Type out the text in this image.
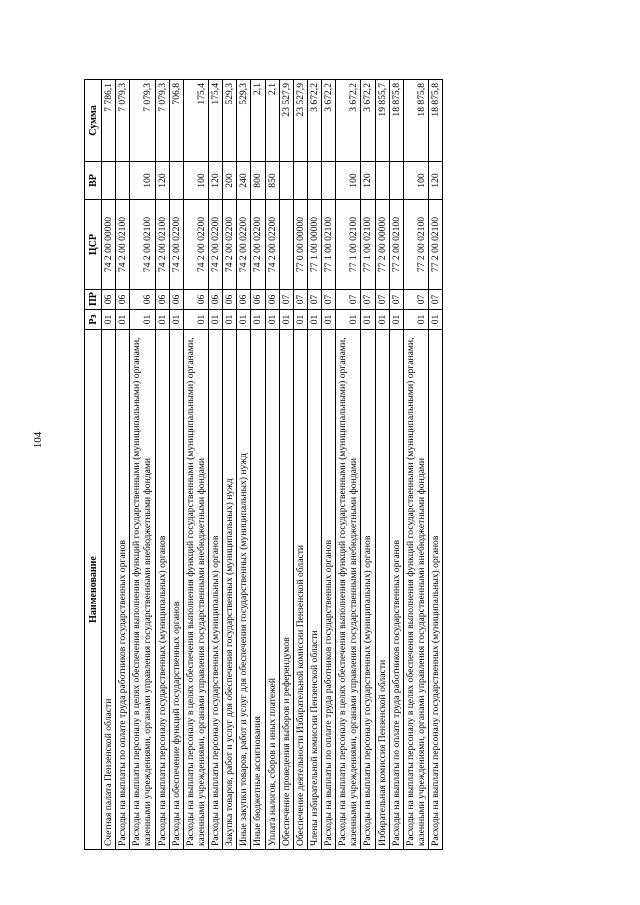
104
Наименование	Рз	ПР	ЦСР	ВР	Сумма
Счетная палата Пензенской области	01	06	74 2 00 00000		7 786,1
Расходы на выплаты по оплате труда работников государственных органов	01	06	74 2 00 02100		7 079,3
Расходы на выплаты персоналу в целях обеспечения выполнения функций государственными (муниципальными) органами, казенными учреждениями, органами управления государственными внебюджетными фондами	01	06	74 2 00 02100	100	7 079,3
Расходы на выплаты персоналу государственных (муниципальных) органов	01	06	74 2 00 02100	120	7 079,3
Расходы на обеспечение функций государственных органов	01	06	74 2 00 02200		706,8
Расходы на выплаты персоналу в целях обеспечения выполнения функций государственными (муниципальными) органами, казенными учреждениями, органами управления государственными внебюджетными фондами	01	06	74 2 00 02200	100	175,4
Расходы на выплаты персоналу государственных (муниципальных) органов	01	06	74 2 00 02200	120	175,4
Закупка товаров, работ и услуг для обеспечения государственных (муниципальных) нужд	01	06	74 2 00 02200	200	529,3
Иные закупки товаров, работ и услуг для обеспечения государственных (муниципальных) нужд	01	06	74 2 00 02200	240	529,3
Иные бюджетные ассигнования	01	06	74 2 00 02200	800	2,1
Уплата налогов, сборов и иных платежей	01	06	74 2 00 02200	850	2,1
Обеспечение проведения выборов и референдумов	01	07			23 527,9
Обеспечение деятельности Избирательной комиссии Пензенской области	01	07	77 0 00 00000		23 527,9
Члены избирательной комиссии Пензенской области	01	07	77 1 00 00000		3 672,2
Расходы на выплаты по оплате труда работников государственных органов	01	07	77 1 00 02100		3 672,2
Расходы на выплаты персоналу в целях обеспечения выполнения функций государственными (муниципальными) органами, казенными учреждениями, органами управления государственными внебюджетными фондами	01	07	77 1 00 02100	100	3 672,2
Расходы на выплаты персоналу государственных (муниципальных) органов	01	07	77 1 00 02100	120	3 672,2
Избирательная комиссия Пензенской области	01	07	77 2 00 00000		19 855,7
Расходы на выплаты по оплате труда работников государственных органов	01	07	77 2 00 02100		18 875,8
Расходы на выплаты персоналу в целях обеспечения выполнения функций государственными (муниципальными) органами, казенными учреждениями, органами управления государственными внебюджетными фондами	01	07	77 2 00 02100	100	18 875,8
Расходы на выплаты персоналу государственных (муниципальных) органов	01	07	77 2 00 02100	120	18 875,8
